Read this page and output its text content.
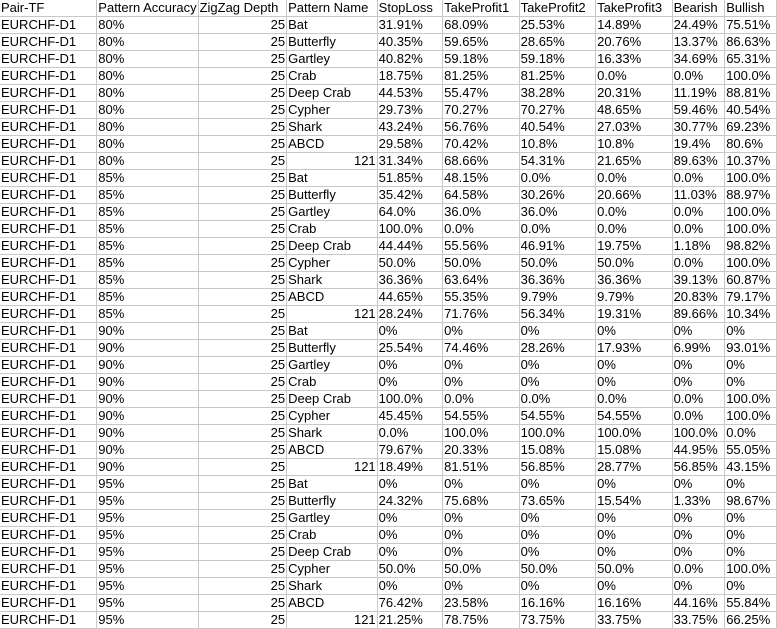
Pair-TF	Pattern Accuracy	ZigZag Depth	Pattern Name	StopLoss	TakeProfit1	TakeProfit2	TakeProfit3	Bearish	Bullish
EURCHF-D1	80%	25	Bat	31.91%	68.09%	25.53%	14.89%	24.49%	75.51%
EURCHF-D1	80%	25	Butterfly	40.35%	59.65%	28.65%	20.76%	13.37%	86.63%
EURCHF-D1	80%	25	Gartley	40.82%	59.18%	59.18%	16.33%	34.69%	65.31%
EURCHF-D1	80%	25	Crab	18.75%	81.25%	81.25%	0.0%	0.0%	100.0%
EURCHF-D1	80%	25	Deep Crab	44.53%	55.47%	38.28%	20.31%	11.19%	88.81%
EURCHF-D1	80%	25	Cypher	29.73%	70.27%	70.27%	48.65%	59.46%	40.54%
EURCHF-D1	80%	25	Shark	43.24%	56.76%	40.54%	27.03%	30.77%	69.23%
EURCHF-D1	80%	25	ABCD	29.58%	70.42%	10.8%	10.8%	19.4%	80.6%
EURCHF-D1	80%	25	121	31.34%	68.66%	54.31%	21.65%	89.63%	10.37%
EURCHF-D1	85%	25	Bat	51.85%	48.15%	0.0%	0.0%	0.0%	100.0%
EURCHF-D1	85%	25	Butterfly	35.42%	64.58%	30.26%	20.66%	11.03%	88.97%
EURCHF-D1	85%	25	Gartley	64.0%	36.0%	36.0%	0.0%	0.0%	100.0%
EURCHF-D1	85%	25	Crab	100.0%	0.0%	0.0%	0.0%	0.0%	100.0%
EURCHF-D1	85%	25	Deep Crab	44.44%	55.56%	46.91%	19.75%	1.18%	98.82%
EURCHF-D1	85%	25	Cypher	50.0%	50.0%	50.0%	50.0%	0.0%	100.0%
EURCHF-D1	85%	25	Shark	36.36%	63.64%	36.36%	36.36%	39.13%	60.87%
EURCHF-D1	85%	25	ABCD	44.65%	55.35%	9.79%	9.79%	20.83%	79.17%
EURCHF-D1	85%	25	121	28.24%	71.76%	56.34%	19.31%	89.66%	10.34%
EURCHF-D1	90%	25	Bat	0%	0%	0%	0%	0%	0%
EURCHF-D1	90%	25	Butterfly	25.54%	74.46%	28.26%	17.93%	6.99%	93.01%
EURCHF-D1	90%	25	Gartley	0%	0%	0%	0%	0%	0%
EURCHF-D1	90%	25	Crab	0%	0%	0%	0%	0%	0%
EURCHF-D1	90%	25	Deep Crab	100.0%	0.0%	0.0%	0.0%	0.0%	100.0%
EURCHF-D1	90%	25	Cypher	45.45%	54.55%	54.55%	54.55%	0.0%	100.0%
EURCHF-D1	90%	25	Shark	0.0%	100.0%	100.0%	100.0%	100.0%	0.0%
EURCHF-D1	90%	25	ABCD	79.67%	20.33%	15.08%	15.08%	44.95%	55.05%
EURCHF-D1	90%	25	121	18.49%	81.51%	56.85%	28.77%	56.85%	43.15%
EURCHF-D1	95%	25	Bat	0%	0%	0%	0%	0%	0%
EURCHF-D1	95%	25	Butterfly	24.32%	75.68%	73.65%	15.54%	1.33%	98.67%
EURCHF-D1	95%	25	Gartley	0%	0%	0%	0%	0%	0%
EURCHF-D1	95%	25	Crab	0%	0%	0%	0%	0%	0%
EURCHF-D1	95%	25	Deep Crab	0%	0%	0%	0%	0%	0%
EURCHF-D1	95%	25	Cypher	50.0%	50.0%	50.0%	50.0%	0.0%	100.0%
EURCHF-D1	95%	25	Shark	0%	0%	0%	0%	0%	0%
EURCHF-D1	95%	25	ABCD	76.42%	23.58%	16.16%	16.16%	44.16%	55.84%
EURCHF-D1	95%	25	121	21.25%	78.75%	73.75%	33.75%	33.75%	66.25%
